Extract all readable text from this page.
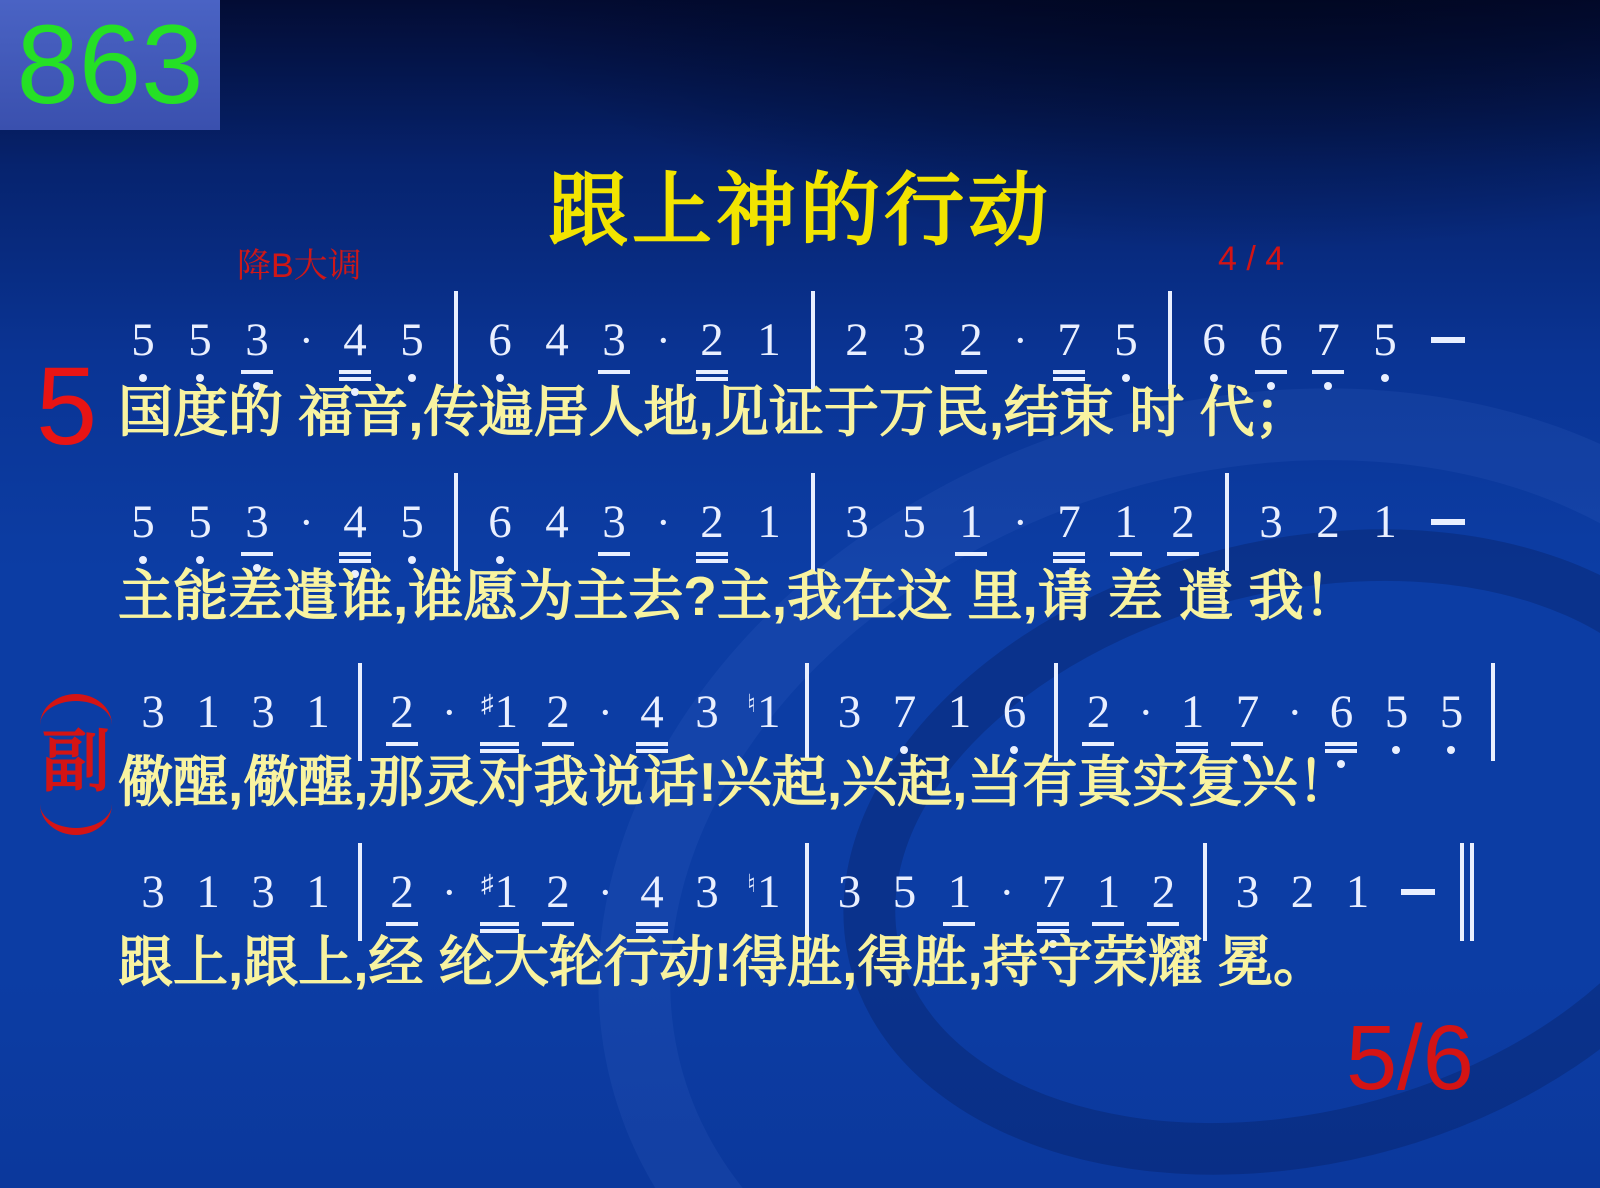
863
跟上神的行动
降B大调	4 / 4
5
副
5 5 3 · 4 5 6 4 3 · 2 1 2 3 2 · 7 5 6 6 7 5
国度的 福音,传遍居人地,见证于万民,结束 时 代；
5 5 3 · 4 5 6 4 3 · 2 1 3 5 1 · 7 1 2 3 2 1
主能差遣谁,谁愿为主去?主,我在这 里,请 差 遣 我！
3 1 3 1 2 · ♯1 2 · 4 3 ♮1 3 7 1 6 2 · 1 7 · 6 5 5
儆醒,儆醒,那灵对我说话!兴起,兴起,当有真实复兴！
3 1 3 1 2 · ♯1 2 · 4 3 ♮1 3 5 1 · 7 1 2 3 2 1
跟上,跟上,经 纶大轮行动!得胜,得胜,持守荣耀 冕。
5/6
